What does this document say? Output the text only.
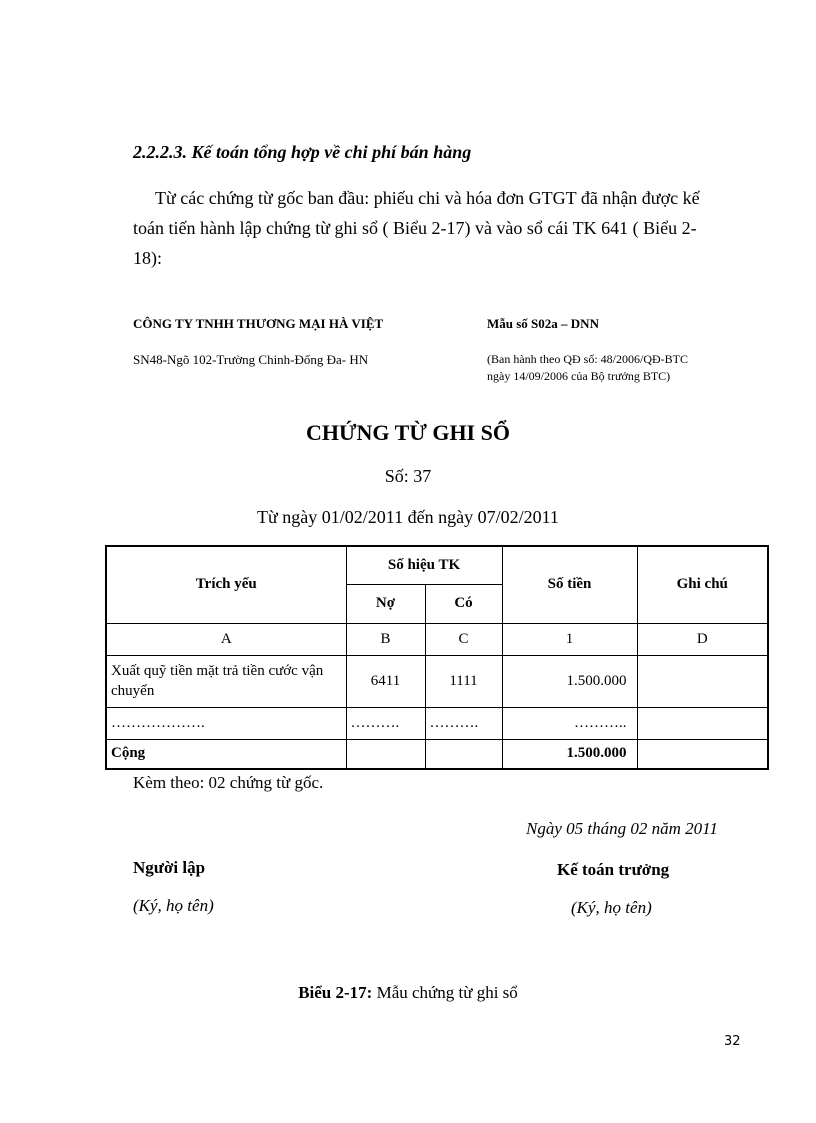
2.2.2.3. Kế toán tổng hợp về chi phí bán hàng
Từ các chứng từ gốc ban đầu: phiếu chi và hóa đơn GTGT đã nhận được kế
toán tiến hành lập chứng từ ghi sổ ( Biểu 2-17) và vào sổ cái TK 641 ( Biểu 2-
18):
CÔNG TY TNHH THƯƠNG MẠI HÀ VIỆT
SN48-Ngõ 102-Trường Chinh-Đống Đa- HN
Mẫu số S02a – DNN
(Ban hành theo QĐ số: 48/2006/QĐ-BTC
ngày 14/09/2006 của Bộ trưởng BTC)
CHỨNG TỪ GHI SỔ
Số: 37
Từ ngày 01/02/2011 đến ngày 07/02/2011
Trích yếu	Số hiệu TK		Số tiền	Ghi chú
	Nợ	Có		
A	B	C	1	D
Xuất quỹ tiền mặt trả tiền cước vận chuyển	6411	1111	1.500.000	
……………….	……….	……….	………..	
Cộng			1.500.000	
Kèm theo: 02 chứng từ gốc.
Ngày 05 tháng 02 năm 2011
Người lập
(Ký, họ tên)
Kế toán trưởng
(Ký, họ tên)
Biểu 2-17: Mẫu chứng từ ghi sổ
32
